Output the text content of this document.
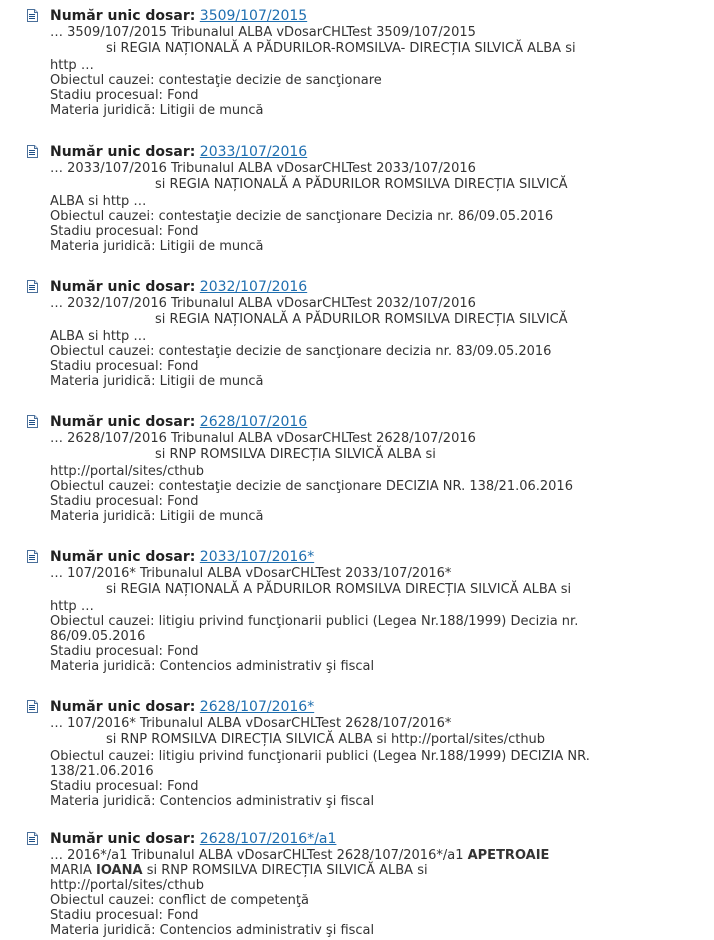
Număr unic dosar: 3509/107/2015
… 3509/107/2015 Tribunalul ALBA vDosarCHLTest 3509/107/2015
si REGIA NAȚIONALĂ A PĂDURILOR-ROMSILVA- DIRECȚIA SILVICĂ ALBA si
http …
Obiectul cauzei: contestaţie decizie de sancţionare
Stadiu procesual: Fond
Materia juridică: Litigii de muncă
Număr unic dosar: 2033/107/2016
… 2033/107/2016 Tribunalul ALBA vDosarCHLTest 2033/107/2016
si REGIA NAȚIONALĂ A PĂDURILOR ROMSILVA DIRECȚIA SILVICĂ
ALBA si http …
Obiectul cauzei: contestaţie decizie de sancţionare Decizia nr. 86/09.05.2016
Stadiu procesual: Fond
Materia juridică: Litigii de muncă
Număr unic dosar: 2032/107/2016
… 2032/107/2016 Tribunalul ALBA vDosarCHLTest 2032/107/2016
si REGIA NAȚIONALĂ A PĂDURILOR ROMSILVA DIRECȚIA SILVICĂ
ALBA si http …
Obiectul cauzei: contestaţie decizie de sancţionare decizia nr. 83/09.05.2016
Stadiu procesual: Fond
Materia juridică: Litigii de muncă
Număr unic dosar: 2628/107/2016
… 2628/107/2016 Tribunalul ALBA vDosarCHLTest 2628/107/2016
si RNP ROMSILVA DIRECȚIA SILVICĂ ALBA si
http://portal/sites/cthub
Obiectul cauzei: contestaţie decizie de sancţionare DECIZIA NR. 138/21.06.2016
Stadiu procesual: Fond
Materia juridică: Litigii de muncă
Număr unic dosar: 2033/107/2016*
… 107/2016* Tribunalul ALBA vDosarCHLTest 2033/107/2016*
si REGIA NAȚIONALĂ A PĂDURILOR ROMSILVA DIRECȚIA SILVICĂ ALBA si
http …
Obiectul cauzei: litigiu privind funcţionarii publici (Legea Nr.188/1999) Decizia nr. 86/09.05.2016
Stadiu procesual: Fond
Materia juridică: Contencios administrativ şi fiscal
Număr unic dosar: 2628/107/2016*
… 107/2016* Tribunalul ALBA vDosarCHLTest 2628/107/2016*
si RNP ROMSILVA DIRECȚIA SILVICĂ ALBA si http://portal/sites/cthub
Obiectul cauzei: litigiu privind funcţionarii publici (Legea Nr.188/1999) DECIZIA NR. 138/21.06.2016
Stadiu procesual: Fond
Materia juridică: Contencios administrativ şi fiscal
Număr unic dosar: 2628/107/2016*/a1
… 2016*/a1 Tribunalul ALBA vDosarCHLTest 2628/107/2016*/a1 APETROAIE
MARIA IOANA si RNP ROMSILVA DIRECȚIA SILVICĂ ALBA si
http://portal/sites/cthub
Obiectul cauzei: conflict de competenţă
Stadiu procesual: Fond
Materia juridică: Contencios administrativ şi fiscal
